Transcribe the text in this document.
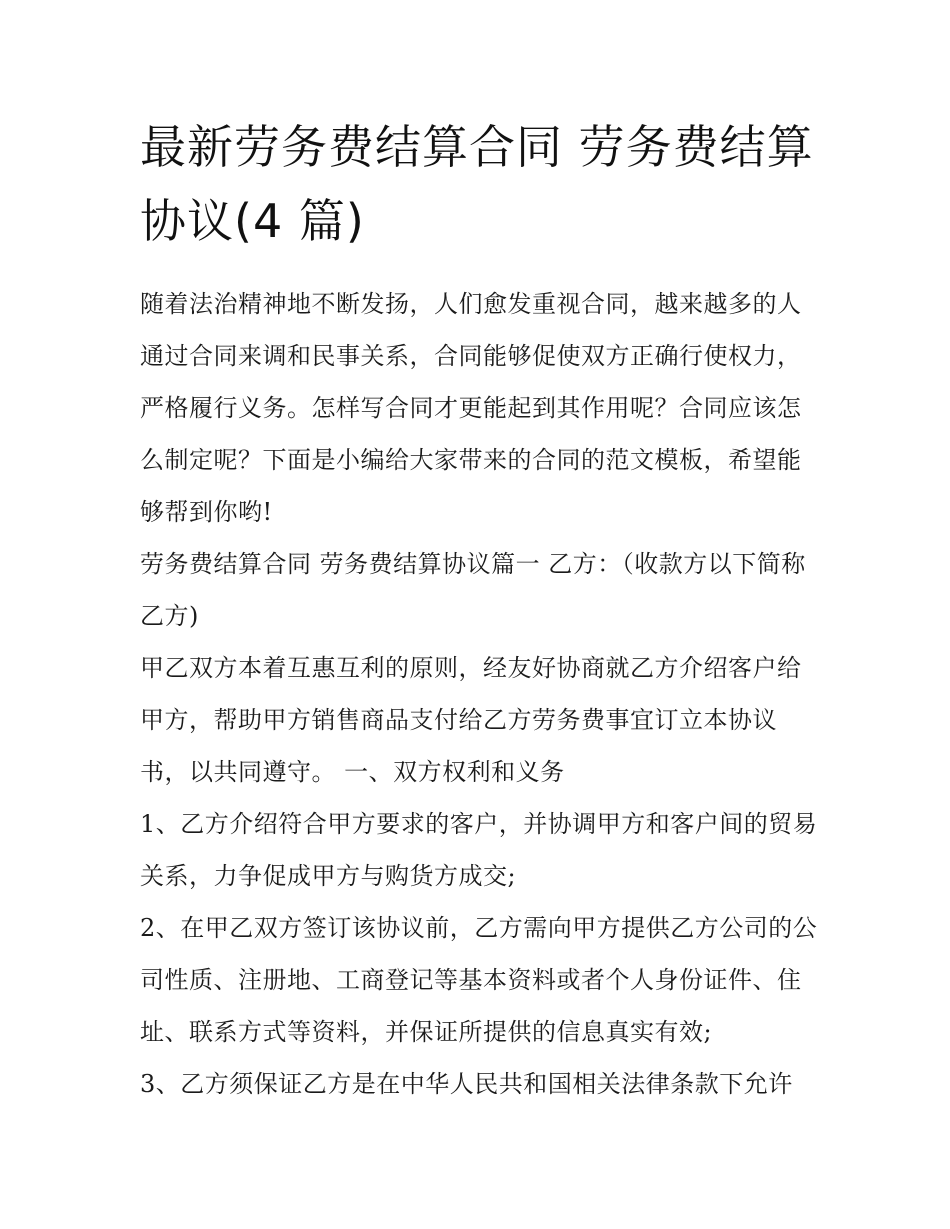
最新劳务费结算合同 劳务费结算协议(4 篇)

随着法治精神地不断发扬，人们愈发重视合同，越来越多的人通过合同来调和民事关系，合同能够促使双方正确行使权力，严格履行义务。怎样写合同才更能起到其作用呢？合同应该怎么制定呢？下面是小编给大家带来的合同的范文模板，希望能够帮到你哟!

劳务费结算合同 劳务费结算协议篇一 乙方：（收款方以下简称乙方)

甲乙双方本着互惠互利的原则，经友好协商就乙方介绍客户给甲方，帮助甲方销售商品支付给乙方劳务费事宜订立本协议书，以共同遵守。 一、双方权利和义务

1、乙方介绍符合甲方要求的客户，并协调甲方和客户间的贸易关系，力争促成甲方与购货方成交;

2、在甲乙双方签订该协议前，乙方需向甲方提供乙方公司的公司性质、注册地、工商登记等基本资料或者个人身份证件、住址、联系方式等资料，并保证所提供的信息真实有效;

3、乙方须保证乙方是在中华人民共和国相关法律条款下允许
